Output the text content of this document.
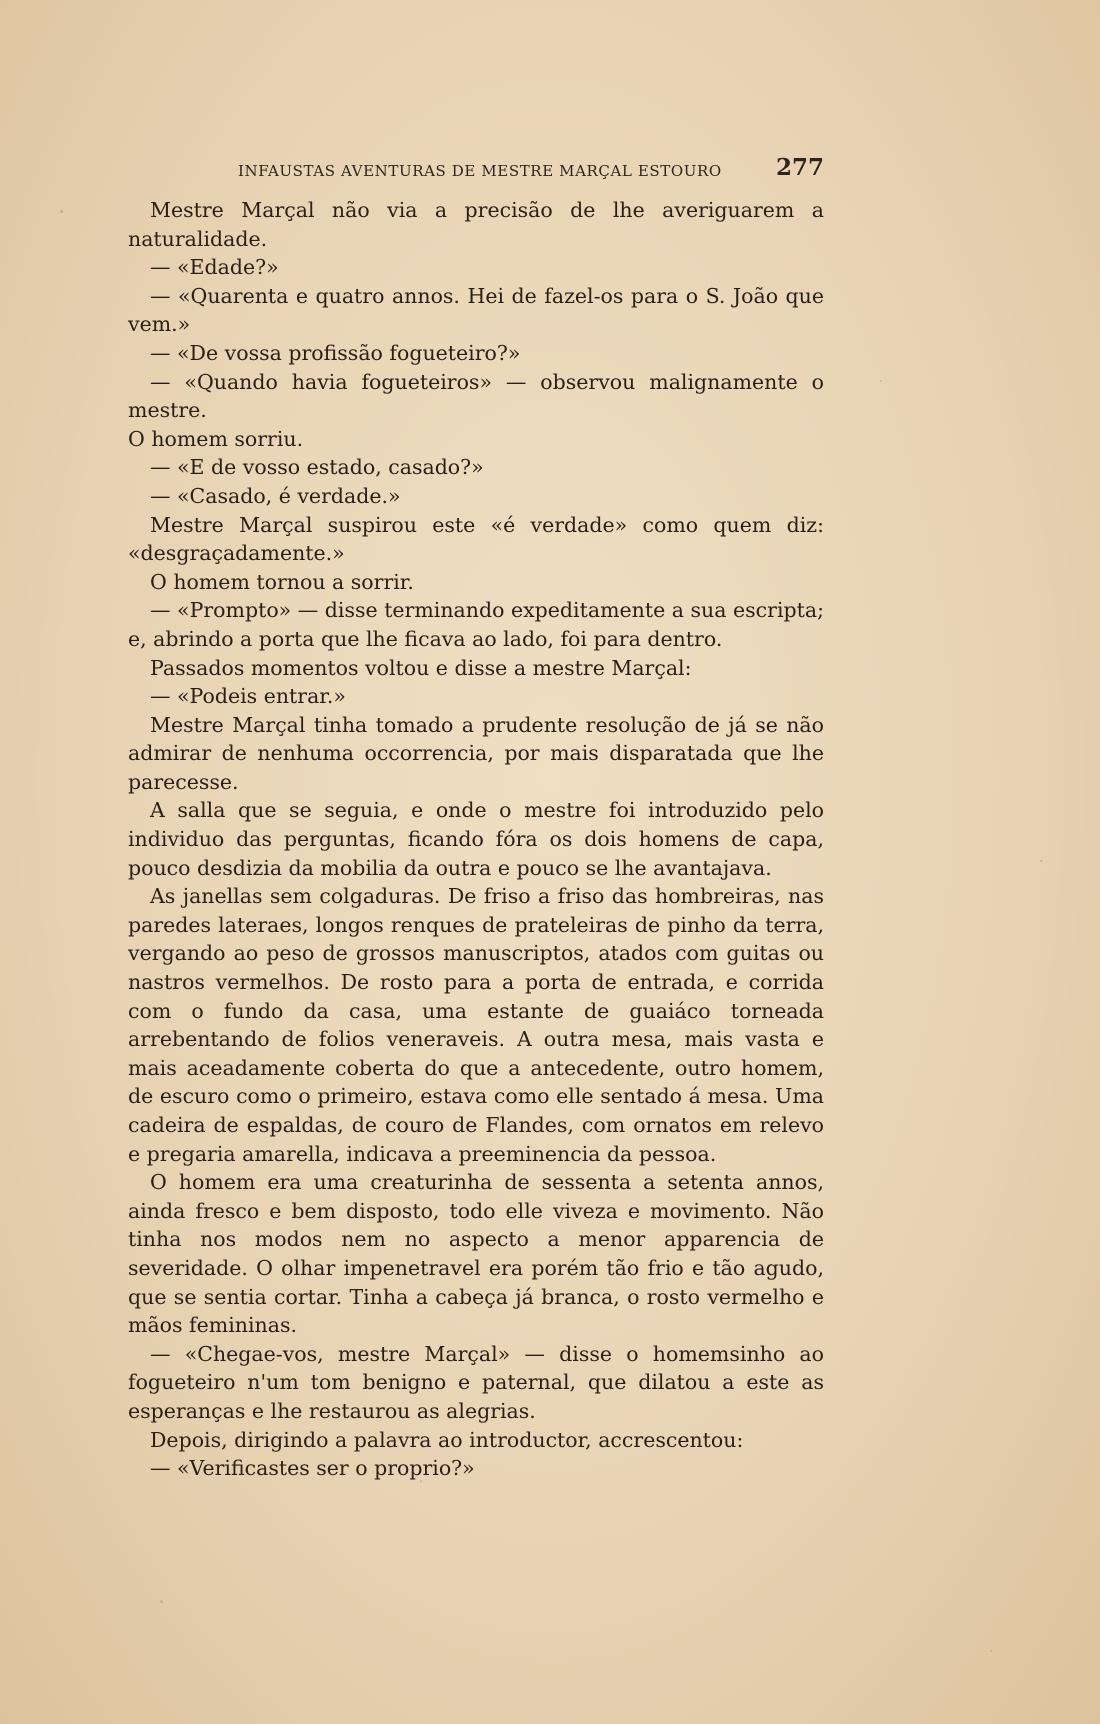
INFAUSTAS AVENTURAS DE MESTRE MARÇAL ESTOURO 277

Mestre Marçal não via a precisão de lhe averiguarem a naturalidade.

— «Edade?»

— «Quarenta e quatro annos. Hei de fazel-os para o S. João que vem.»

— «De vossa profissão fogueteiro?»

— «Quando havia fogueteiros» — observou malignamente o mestre.

O homem sorriu.

— «E de vosso estado, casado?»

— «Casado, é verdade.»

Mestre Marçal suspirou este «é verdade» como quem diz: «desgraçadamente.»

O homem tornou a sorrir.

— «Prompto» — disse terminando expeditamente a sua escripta; e, abrindo a porta que lhe ficava ao lado, foi para dentro.

Passados momentos voltou e disse a mestre Marçal:

— «Podeis entrar.»

Mestre Marçal tinha tomado a prudente resolução de já se não admirar de nenhuma occorrencia, por mais disparatada que lhe parecesse.

A salla que se seguia, e onde o mestre foi introduzido pelo individuo das perguntas, ficando fóra os dois homens de capa, pouco desdizia da mobilia da outra e pouco se lhe avantajava.

As janellas sem colgaduras. De friso a friso das hombreiras, nas paredes lateraes, longos renques de prateleiras de pinho da terra, vergando ao peso de grossos manuscriptos, atados com guitas ou nastros vermelhos. De rosto para a porta de entrada, e corrida com o fundo da casa, uma estante de guaiáco torneada arrebentando de folios veneraveis. A outra mesa, mais vasta e mais aceadamente coberta do que a antecedente, outro homem, de escuro como o primeiro, estava como elle sentado á mesa. Uma cadeira de espaldas, de couro de Flandes, com ornatos em relevo e pregaria amarella, indicava a preeminencia da pessoa.

O homem era uma creaturinha de sessenta a setenta annos, ainda fresco e bem disposto, todo elle viveza e movimento. Não tinha nos modos nem no aspecto a menor apparencia de severidade. O olhar impenetravel era porém tão frio e tão agudo, que se sentia cortar. Tinha a cabeça já branca, o rosto vermelho e mãos femininas.

— «Chegae-vos, mestre Marçal» — disse o homemsinho ao fogueteiro n'um tom benigno e paternal, que dilatou a este as esperanças e lhe restaurou as alegrias.

Depois, dirigindo a palavra ao introductor, accrescentou:

— «Verificastes ser o proprio?»
